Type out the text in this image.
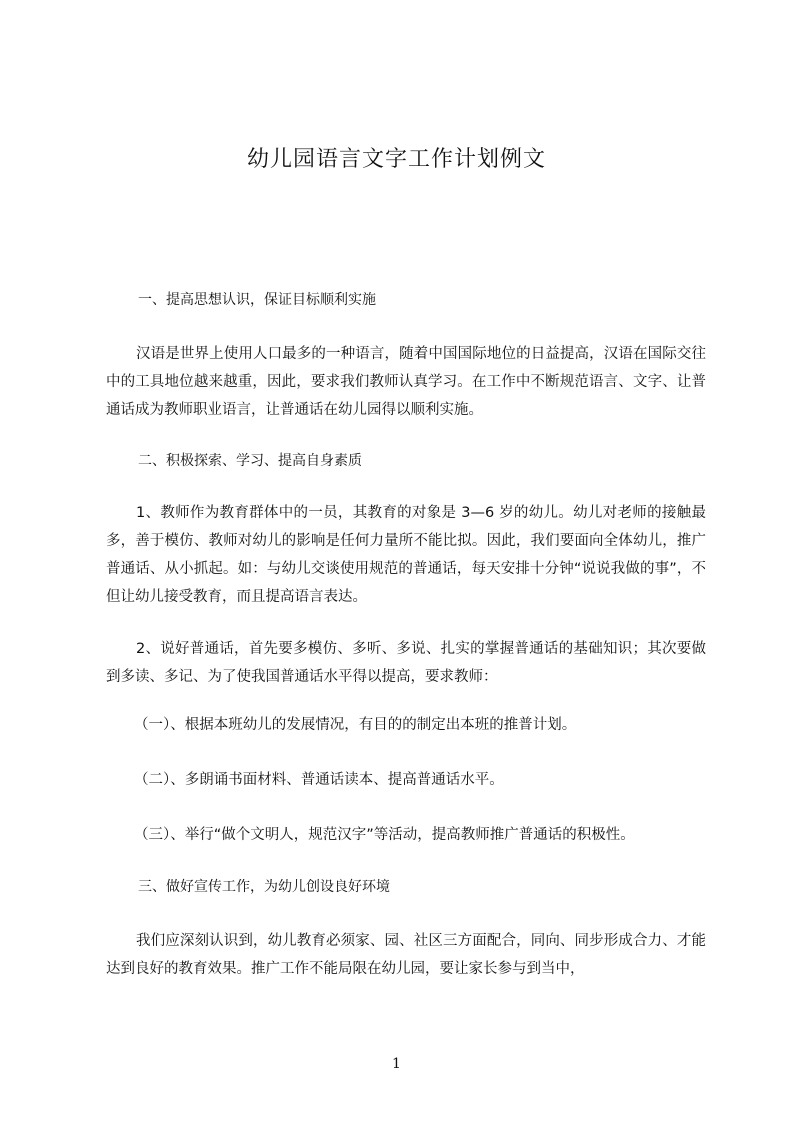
幼儿园语言文字工作计划例文

一、提高思想认识，保证目标顺利实施

汉语是世界上使用人口最多的一种语言，随着中国国际地位的日益提高，汉语在国际交往中的工具地位越来越重，因此，要求我们教师认真学习。在工作中不断规范语言、文字、让普通话成为教师职业语言，让普通话在幼儿园得以顺利实施。

二、积极探索、学习、提高自身素质

1、教师作为教育群体中的一员，其教育的对象是 3—6 岁的幼儿。幼儿对老师的接触最多，善于模仿、教师对幼儿的影响是任何力量所不能比拟。因此，我们要面向全体幼儿，推广普通话、从小抓起。如：与幼儿交谈使用规范的普通话，每天安排十分钟“说说我做的事”，不但让幼儿接受教育，而且提高语言表达。

2、说好普通话，首先要多模仿、多听、多说、扎实的掌握普通话的基础知识；其次要做到多读、多记、为了使我国普通话水平得以提高，要求教师：

（一）、根据本班幼儿的发展情况，有目的的制定出本班的推普计划。

（二）、多朗诵书面材料、普通话读本、提高普通话水平。

（三）、举行“做个文明人，规范汉字”等活动，提高教师推广普通话的积极性。

三、做好宣传工作，为幼儿创设良好环境

我们应深刻认识到，幼儿教育必须家、园、社区三方面配合，同向、同步形成合力、才能达到良好的教育效果。推广工作不能局限在幼儿园，要让家长参与到当中，

1
